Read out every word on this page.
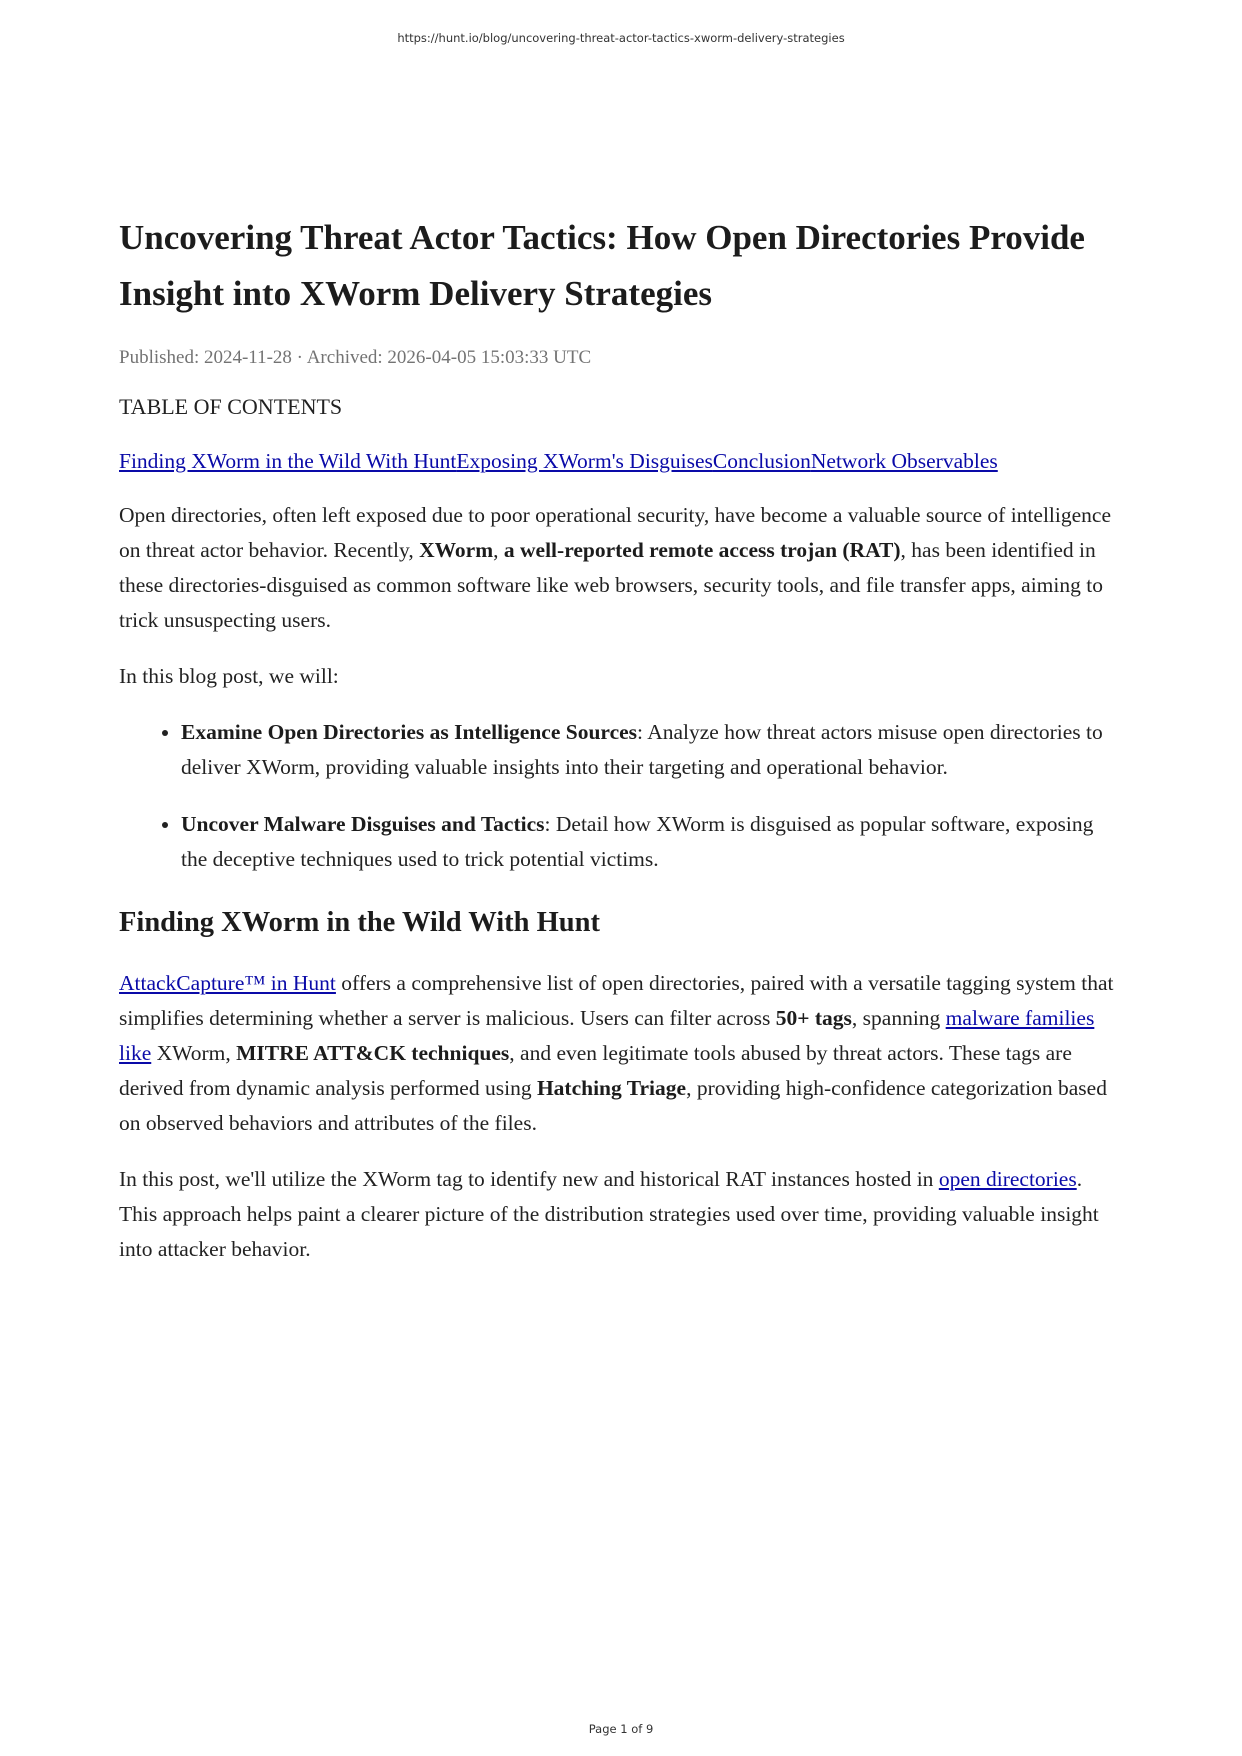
https://hunt.io/blog/uncovering-threat-actor-tactics-xworm-delivery-strategies
Uncovering Threat Actor Tactics: How Open Directories Provide Insight into XWorm Delivery Strategies
Published: 2024-11-28 · Archived: 2026-04-05 15:03:33 UTC
TABLE OF CONTENTS
Finding XWorm in the Wild With HuntExposing XWorm's DisguisesConclusionNetwork Observables

Open directories, often left exposed due to poor operational security, have become a valuable source of intelligence on threat actor behavior. Recently, XWorm, a well-reported remote access trojan (RAT), has been identified in these directories-disguised as common software like web browsers, security tools, and file transfer apps, aiming to trick unsuspecting users.

In this blog post, we will:

• Examine Open Directories as Intelligence Sources: Analyze how threat actors misuse open directories to deliver XWorm, providing valuable insights into their targeting and operational behavior.
• Uncover Malware Disguises and Tactics: Detail how XWorm is disguised as popular software, exposing the deceptive techniques used to trick potential victims.
Finding XWorm in the Wild With Hunt

AttackCapture™ in Hunt offers a comprehensive list of open directories, paired with a versatile tagging system that simplifies determining whether a server is malicious. Users can filter across 50+ tags, spanning malware families like XWorm, MITRE ATT&CK techniques, and even legitimate tools abused by threat actors. These tags are derived from dynamic analysis performed using Hatching Triage, providing high-confidence categorization based on observed behaviors and attributes of the files.

In this post, we'll utilize the XWorm tag to identify new and historical RAT instances hosted in open directories. This approach helps paint a clearer picture of the distribution strategies used over time, providing valuable insight into attacker behavior.

Page 1 of 9
